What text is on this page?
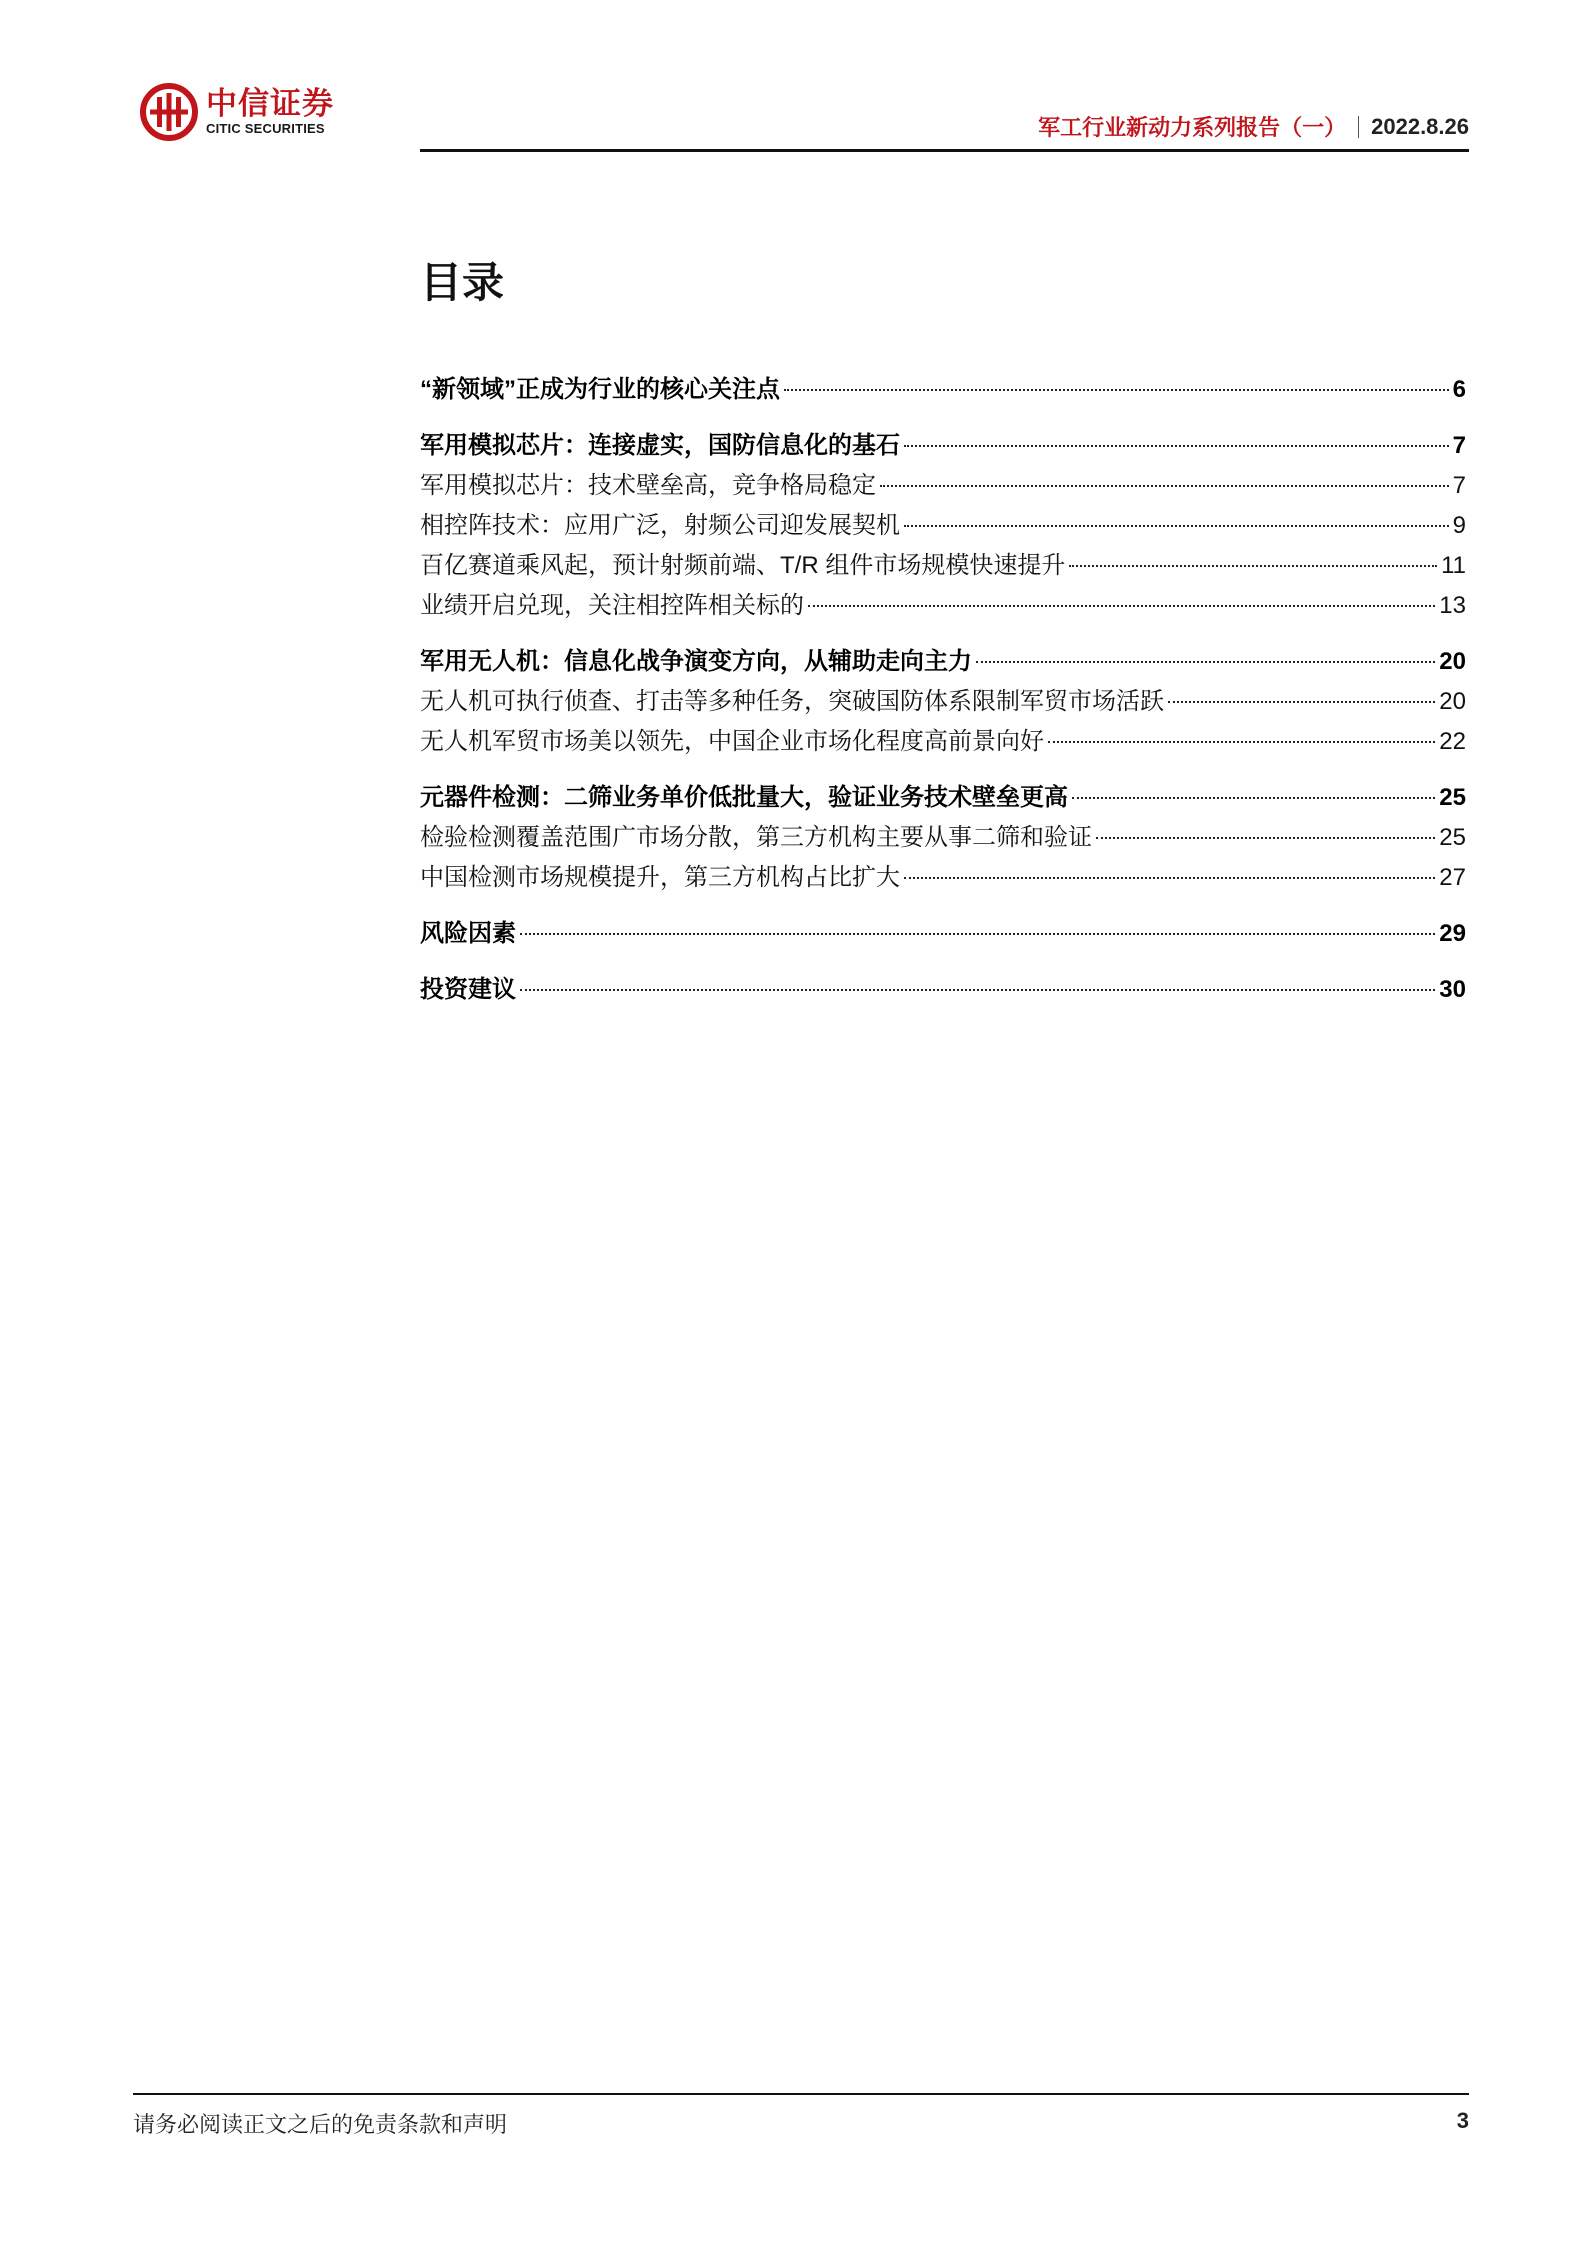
中信证券
CITIC SECURITIES	军工行业新动力系列报告（一） 2022.8.26
目录
“新领域”正成为行业的核心关注点	6
军用模拟芯片：连接虚实，国防信息化的基石	7
军用模拟芯片：技术壁垒高，竞争格局稳定	7
相控阵技术：应用广泛，射频公司迎发展契机	9
百亿赛道乘风起，预计射频前端、T/R 组件市场规模快速提升	11
业绩开启兑现，关注相控阵相关标的	13
军用无人机：信息化战争演变方向，从辅助走向主力	20
无人机可执行侦查、打击等多种任务，突破国防体系限制军贸市场活跃	20
无人机军贸市场美以领先，中国企业市场化程度高前景向好	22
元器件检测：二筛业务单价低批量大，验证业务技术壁垒更高	25
检验检测覆盖范围广市场分散，第三方机构主要从事二筛和验证	25
中国检测市场规模提升，第三方机构占比扩大	27
风险因素	29
投资建议	30
请务必阅读正文之后的免责条款和声明	3
